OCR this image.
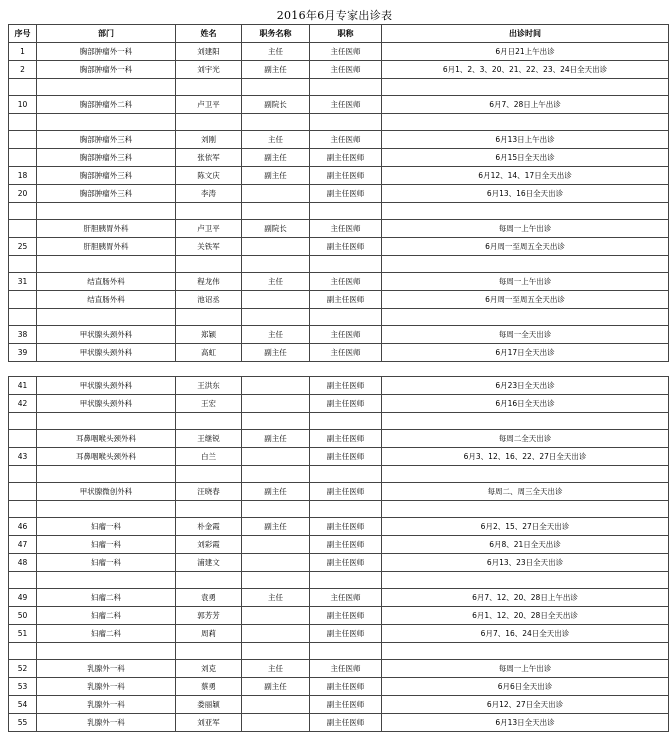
2016年6月专家出诊表
序号	部门	姓名	职务名称	职称	出诊时间
1	胸部肿瘤外一科	刘建阳	主任	主任医师	6月日21上午出诊
2	胸部肿瘤外一科	刘宇光	副主任	主任医师	6月1、2、3、20、21、22、23、24日全天出诊

10	胸部肿瘤外二科	卢卫平	副院长	主任医师	6月7、28日上午出诊

	胸部肿瘤外三科	刘刚	主任	主任医师	6月13日上午出诊
	胸部肿瘤外三科	张依军	副主任	副主任医师	6月15日全天出诊
18	胸部肿瘤外三科	陈文庆	副主任	副主任医师	6月12、14、17日全天出诊
20	胸部肿瘤外三科	李涛		副主任医师	6月13、16日全天出诊

	肝胆胰胃外科	卢卫平	副院长	主任医师	每周一上午出诊
25	肝胆胰胃外科	关铁军		副主任医师	6月周一至周五全天出诊

31	结直肠外科	程龙伟	主任	主任医师	每周一上午出诊
	结直肠外科	池诏丞		副主任医师	6月周一至周五全天出诊

38	甲状腺头颈外科	郑颖	主任	主任医师	每周一全天出诊
39	甲状腺头颈外科	高虹	副主任	主任医师	6月17日全天出诊
41	甲状腺头颈外科	王洪东		副主任医师	6月23日全天出诊
42	甲状腺头颈外科	王宏		副主任医师	6月16日全天出诊

	耳鼻咽喉头颈外科	王继锐	副主任	副主任医师	每周二全天出诊
43	耳鼻咽喉头颈外科	白兰		副主任医师	6月3、12、16、22、27日全天出诊

	甲状腺微创外科	汪晓春	副主任	副主任医师	每周二、周三全天出诊

46	妇瘤一科	朴金霞	副主任	副主任医师	6月2、15、27日全天出诊
47	妇瘤一科	刘彩霞		副主任医师	6月8、21日全天出诊
48	妇瘤一科	浦建文		副主任医师	6月13、23日全天出诊

49	妇瘤二科	袁勇	主任	主任医师	6月7、12、20、28日上午出诊
50	妇瘤二科	郭芳芳		副主任医师	6月1、12、20、28日全天出诊
51	妇瘤二科	周莉		副主任医师	6月7、16、24日全天出诊

52	乳腺外一科	刘克	主任	主任医师	每周一上午出诊
53	乳腺外一科	蔡勇	副主任	副主任医师	6月6日全天出诊
54	乳腺外一科	娄丽颖		副主任医师	6月12、27日全天出诊
55	乳腺外一科	刘亚军		副主任医师	6月13日全天出诊
